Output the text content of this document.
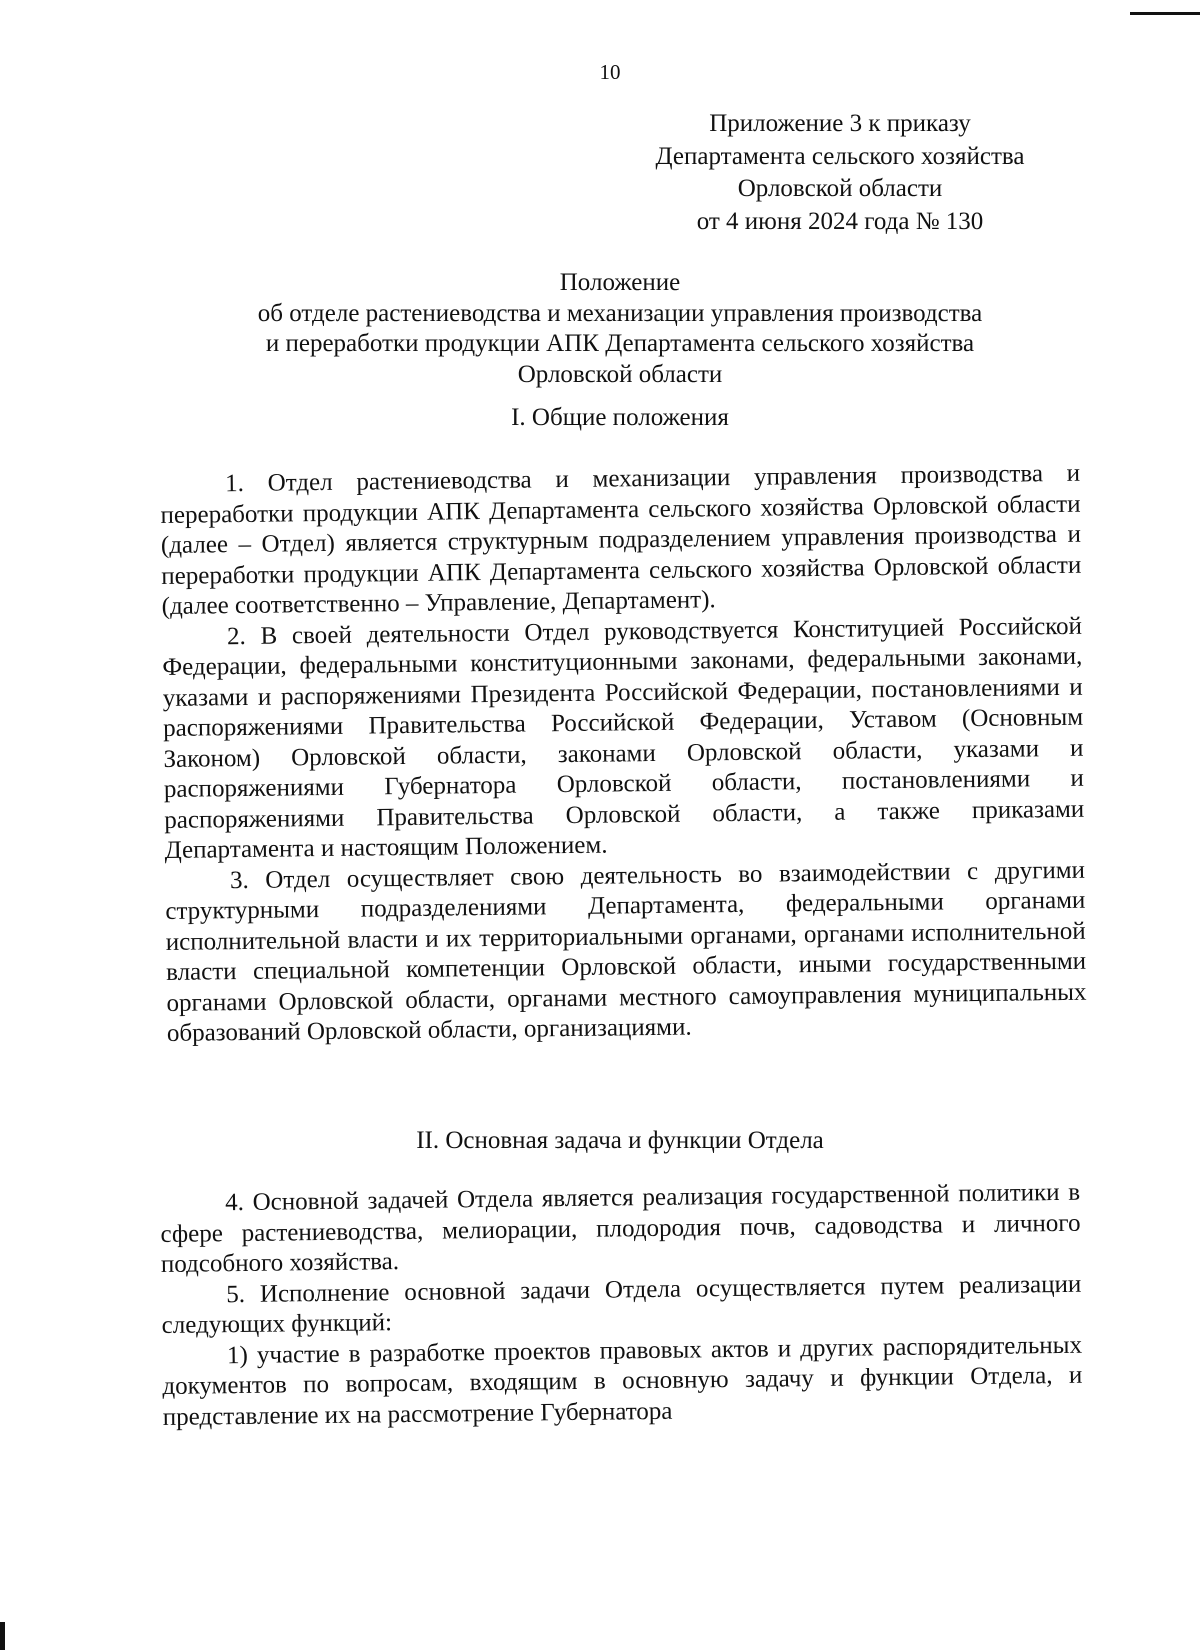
10
Приложение 3 к приказу
Департамента сельского хозяйства
Орловской области
от 4 июня 2024 года № 130
Положение
об отделе растениеводства и механизации управления производства
и переработки продукции АПК Департамента сельского хозяйства
Орловской области
I. Общие положения

1. Отдел растениеводства и механизации управления производства и переработки продукции АПК Департамента сельского хозяйства Орловской области (далее – Отдел) является структурным подразделением управления производства и переработки продукции АПК Департамента сельского хозяйства Орловской области (далее соответственно – Управление, Департамент).

2. В своей деятельности Отдел руководствуется Конституцией Российской Федерации, федеральными конституционными законами, федеральными законами, указами и распоряжениями Президента Российской Федерации, постановлениями и распоряжениями Правительства Российской Федерации, Уставом (Основным Законом) Орловской области, законами Орловской области, указами и распоряжениями Губернатора Орловской области, постановлениями и распоряжениями Правительства Орловской области, а также приказами Департамента и настоящим Положением.

3. Отдел осуществляет свою деятельность во взаимодействии с другими структурными подразделениями Департамента, федеральными органами исполнительной власти и их территориальными органами, органами исполнительной власти специальной компетенции Орловской области, иными государственными органами Орловской области, органами местного самоуправления муниципальных образований Орловской области, организациями.

II. Основная задача и функции Отдела

4. Основной задачей Отдела является реализация государственной политики в сфере растениеводства, мелиорации, плодородия почв, садоводства и личного подсобного хозяйства.

5. Исполнение основной задачи Отдела осуществляется путем реализации следующих функций:

1) участие в разработке проектов правовых актов и других распорядительных документов по вопросам, входящим в основную задачу и функции Отдела, и представление их на рассмотрение Губернатора
